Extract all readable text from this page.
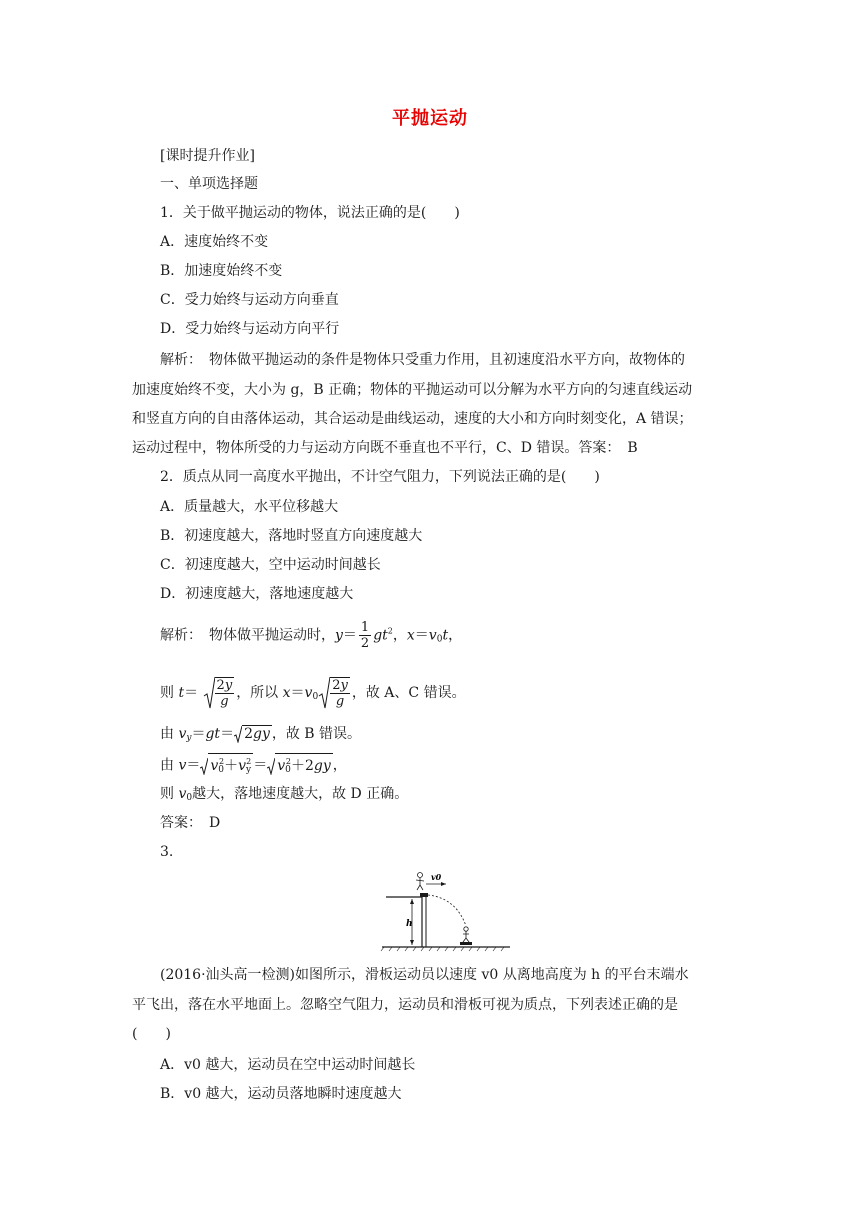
平抛运动
[课时提升作业]
一、单项选择题
1．关于做平抛运动的物体，说法正确的是(　　)
A．速度始终不变
B．加速度始终不变
C．受力始终与运动方向垂直
D．受力始终与运动方向平行
解析：　物体做平抛运动的条件是物体只受重力作用，且初速度沿水平方向，故物体的
加速度始终不变，大小为 g，B 正确；物体的平抛运动可以分解为水平方向的匀速直线运动
和竖直方向的自由落体运动，其合运动是曲线运动，速度的大小和方向时刻变化，A 错误；
运动过程中，物体所受的力与运动方向既不垂直也不平行，C、D 错误。答案：　B
2．质点从同一高度水平抛出，不计空气阻力，下列说法正确的是(　　)
A．质量越大，水平位移越大
B．初速度越大，落地时竖直方向速度越大
C．初速度越大，空中运动时间越长
D．初速度越大，落地速度越大
解析：　物体做平抛运动时，$y= \frac{1}{2} gt^2$，$x=v_0t$，
则 $t= \frac{2y}{g}$ ，所以 $x=v_0 \frac{2y}{g}$ ，故 A、C 错误。
由 $v_y=gt= 2gy$ ，故 B 错误。
由 $v= v_0^2+v_y^2 = v_0^2+2gy$ ，
则 $v_0$越大，落地速度越大，故 D 正确。
答案：　D
3.
h
v0
(2016·汕头高一检测)如图所示，滑板运动员以速度 v0 从离地高度为 h 的平台末端水
平飞出，落在水平地面上。忽略空气阻力，运动员和滑板可视为质点，下列表述正确的是
(　　)
A．v0 越大，运动员在空中运动时间越长
B．v0 越大，运动员落地瞬时速度越大
